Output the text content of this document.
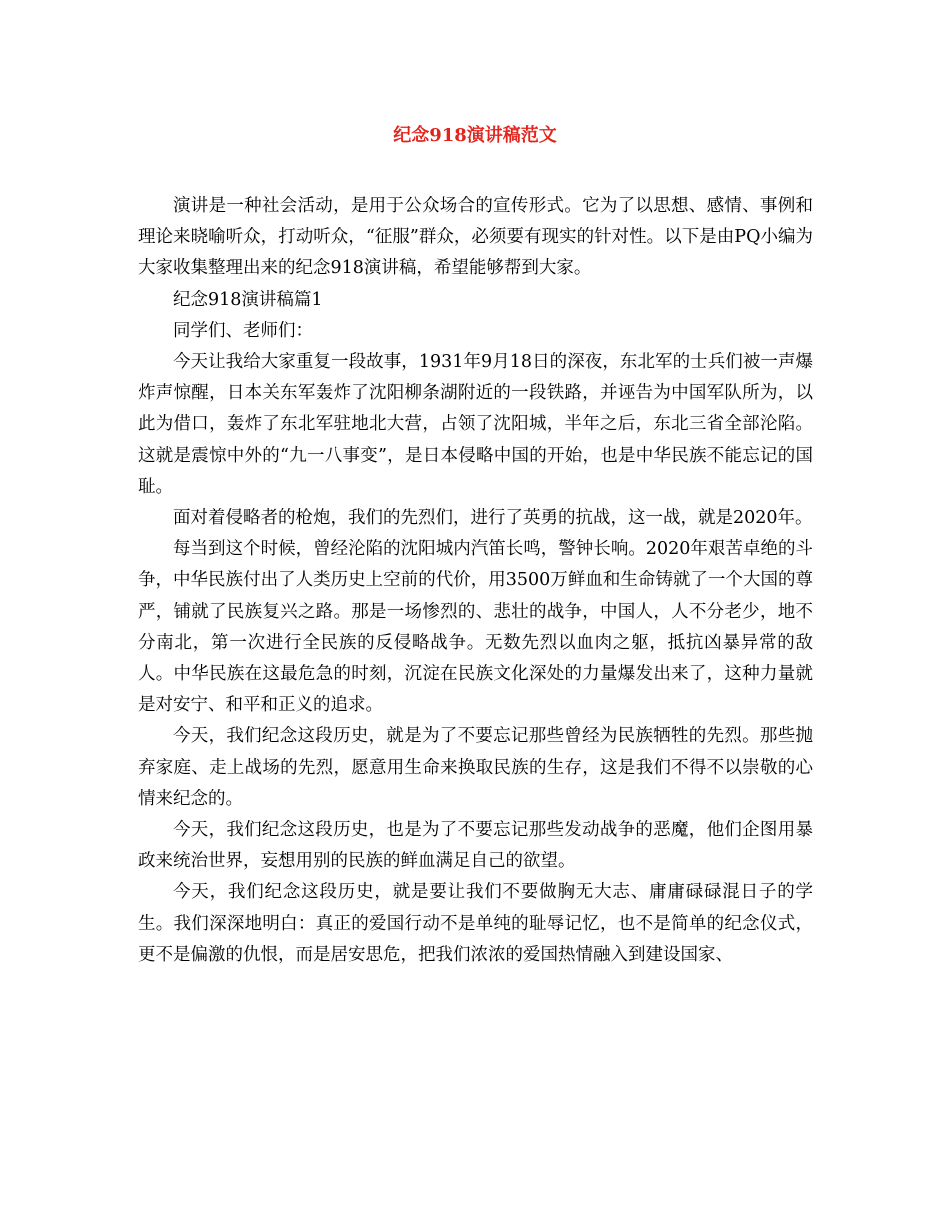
纪念918演讲稿范文

演讲是一种社会活动，是用于公众场合的宣传形式。它为了以思想、感情、事例和理论来晓喻听众，打动听众，“征服”群众，必须要有现实的针对性。以下是由PQ小编为大家收集整理出来的纪念918演讲稿，希望能够帮到大家。

纪念918演讲稿篇1

同学们、老师们：

今天让我给大家重复一段故事，1931年9月18日的深夜，东北军的士兵们被一声爆炸声惊醒，日本关东军轰炸了沈阳柳条湖附近的一段铁路，并诬告为中国军队所为，以此为借口，轰炸了东北军驻地北大营，占领了沈阳城，半年之后，东北三省全部沦陷。这就是震惊中外的“九一八事变”，是日本侵略中国的开始，也是中华民族不能忘记的国耻。

面对着侵略者的枪炮，我们的先烈们，进行了英勇的抗战，这一战，就是2020年。

每当到这个时候，曾经沦陷的沈阳城内汽笛长鸣，警钟长响。2020年艰苦卓绝的斗争，中华民族付出了人类历史上空前的代价，用3500万鲜血和生命铸就了一个大国的尊严，铺就了民族复兴之路。那是一场惨烈的、悲壮的战争，中国人，人不分老少，地不分南北，第一次进行全民族的反侵略战争。无数先烈以血肉之躯，抵抗凶暴异常的敌人。中华民族在这最危急的时刻，沉淀在民族文化深处的力量爆发出来了，这种力量就是对安宁、和平和正义的追求。

今天，我们纪念这段历史，就是为了不要忘记那些曾经为民族牺牲的先烈。那些抛弃家庭、走上战场的先烈，愿意用生命来换取民族的生存，这是我们不得不以崇敬的心情来纪念的。

今天，我们纪念这段历史，也是为了不要忘记那些发动战争的恶魔，他们企图用暴政来统治世界，妄想用别的民族的鲜血满足自己的欲望。

今天，我们纪念这段历史，就是要让我们不要做胸无大志、庸庸碌碌混日子的学生。我们深深地明白：真正的爱国行动不是单纯的耻辱记忆，也不是简单的纪念仪式，更不是偏激的仇恨，而是居安思危，把我们浓浓的爱国热情融入到建设国家、
